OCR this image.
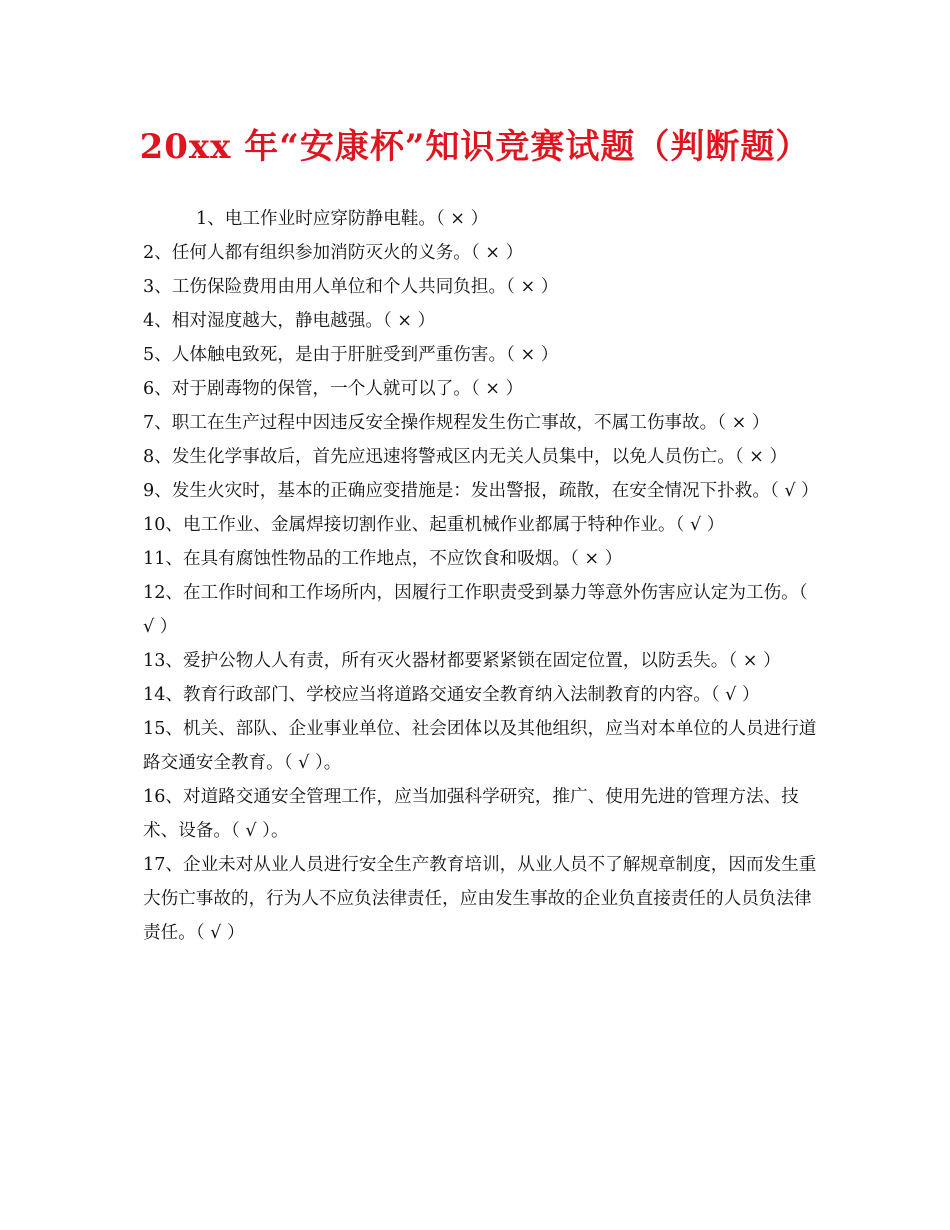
20xx 年“安康杯”知识竞赛试题（判断题）

1、电工作业时应穿防静电鞋。（ × ）

2、任何人都有组织参加消防灭火的义务。（ × ）

3、工伤保险费用由用人单位和个人共同负担。（ × ）

4、相对湿度越大，静电越强。（ × ）

5、人体触电致死，是由于肝脏受到严重伤害。（ × ）

6、对于剧毒物的保管，一个人就可以了。（ × ）

7、职工在生产过程中因违反安全操作规程发生伤亡事故，不属工伤事故。（ × ）

8、发生化学事故后，首先应迅速将警戒区内无关人员集中，以免人员伤亡。（ × ）

9、发生火灾时，基本的正确应变措施是：发出警报，疏散，在安全情况下扑救。（ √ ）

10、电工作业、金属焊接切割作业、起重机械作业都属于特种作业。（ √ ）

11、在具有腐蚀性物品的工作地点，不应饮食和吸烟。（ × ）

12、在工作时间和工作场所内，因履行工作职责受到暴力等意外伤害应认定为工伤。（ √ ）

13、爱护公物人人有责，所有灭火器材都要紧紧锁在固定位置，以防丢失。（ × ）

14、教育行政部门、学校应当将道路交通安全教育纳入法制教育的内容。（ √ ）

15、机关、部队、企业事业单位、社会团体以及其他组织，应当对本单位的人员进行道路交通安全教育。（ √ ）。

16、对道路交通安全管理工作，应当加强科学研究，推广、使用先进的管理方法、技术、设备。（ √ ）。

17、企业未对从业人员进行安全生产教育培训，从业人员不了解规章制度，因而发生重大伤亡事故的，行为人不应负法律责任，应由发生事故的企业负直接责任的人员负法律责任。（ √ ）
